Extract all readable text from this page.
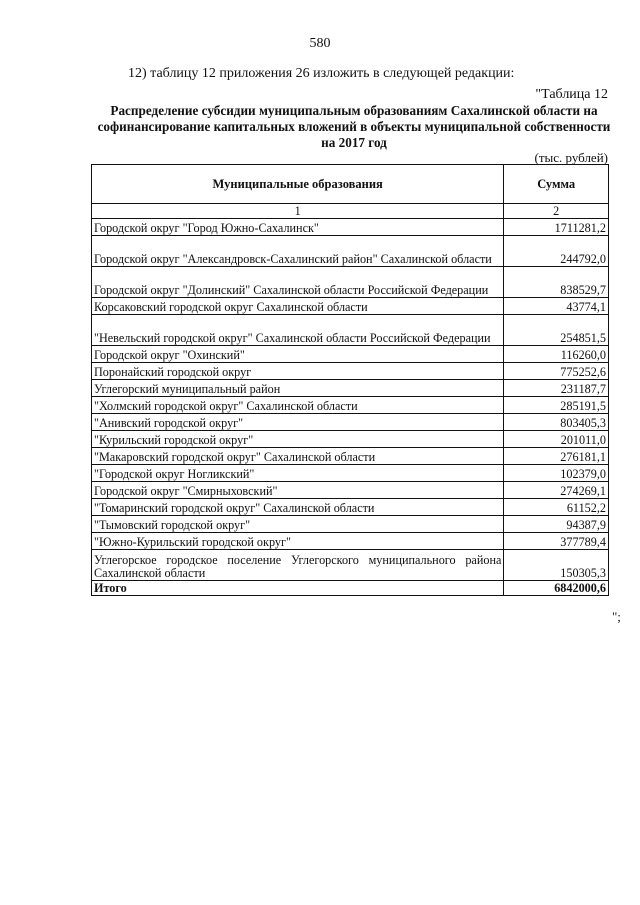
580
12) таблицу 12 приложения 26 изложить в следующей редакции:
"Таблица 12
Распределение субсидии муниципальным образованиям Сахалинской области на
софинансирование капитальных вложений в объекты муниципальной собственности
на 2017 год
(тыс. рублей)
Муниципальные образования	Сумма
1	2
Городской округ "Город Южно-Сахалинск"	1711281,2
Городской округ "Александровск-Сахалинский район" Сахалинской области	244792,0
Городской округ "Долинский" Сахалинской области Российской Федерации	838529,7
Корсаковский городской округ Сахалинской области	43774,1
"Невельский городской округ" Сахалинской области Российской Федерации	254851,5
Городской округ "Охинский"	116260,0
Поронайский городской округ	775252,6
Углегорский муниципальный район	231187,7
"Холмский городской округ" Сахалинской области	285191,5
"Анивский городской округ"	803405,3
"Курильский городской округ"	201011,0
"Макаровский городской округ" Сахалинской области	276181,1
"Городской округ Ногликский"	102379,0
Городской округ "Смирныховский"	274269,1
"Томаринский городской округ" Сахалинской области	61152,2
"Тымовский городской округ"	94387,9
"Южно-Курильский городской округ"	377789,4
Углегорское городское поселение Углегорского муниципального района Сахалинской области	150305,3
Итого	6842000,6
";
